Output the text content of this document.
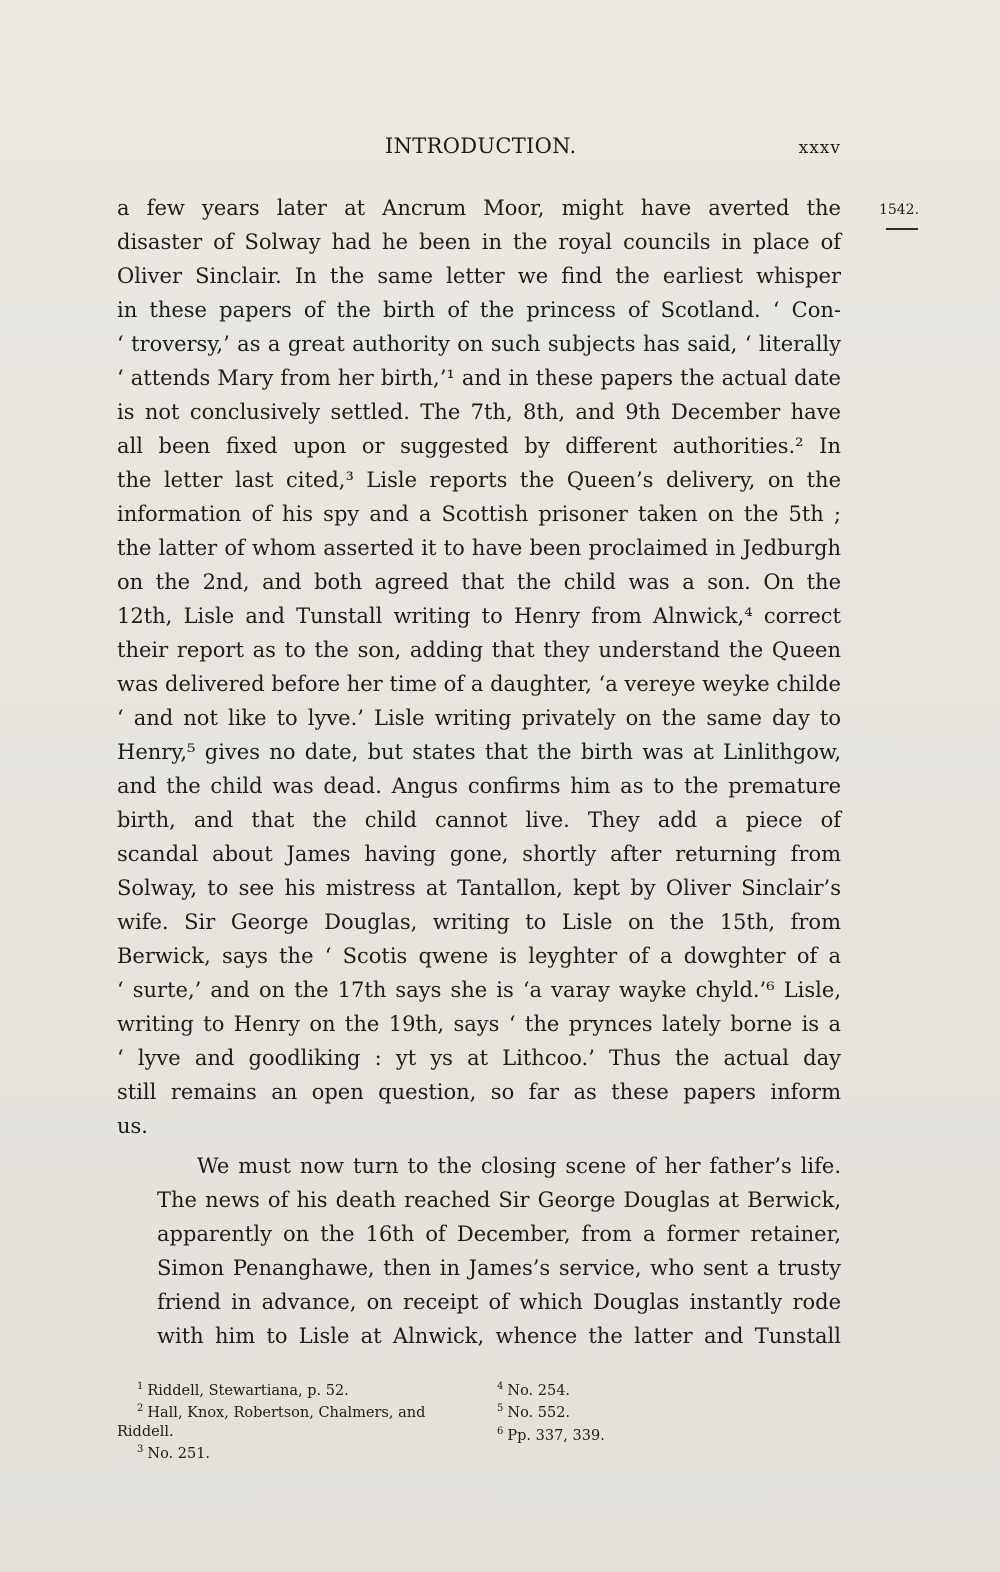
INTRODUCTION.	xxxv
1542.

a few years later at Ancrum Moor, might have averted the
disaster of Solway had he been in the royal councils in place of
Oliver Sinclair. In the same letter we find the earliest whisper
in these papers of the birth of the princess of Scotland. ‘ Con-
‘ troversy,’ as a great authority on such subjects has said, ‘ literally
‘ attends Mary from her birth,’¹ and in these papers the actual date
is not conclusively settled. The 7th, 8th, and 9th December have
all been fixed upon or suggested by different authorities.² In
the letter last cited,³ Lisle reports the Queen’s delivery, on the
information of his spy and a Scottish prisoner taken on the 5th ;
the latter of whom asserted it to have been proclaimed in Jedburgh
on the 2nd, and both agreed that the child was a son. On the
12th, Lisle and Tunstall writing to Henry from Alnwick,⁴ correct
their report as to the son, adding that they understand the Queen
was delivered before her time of a daughter, ‘a vereye weyke childe
‘ and not like to lyve.’ Lisle writing privately on the same day to
Henry,⁵ gives no date, but states that the birth was at Linlithgow,
and the child was dead. Angus confirms him as to the premature
birth, and that the child cannot live. They add a piece of
scandal about James having gone, shortly after returning from
Solway, to see his mistress at Tantallon, kept by Oliver Sinclair’s
wife. Sir George Douglas, writing to Lisle on the 15th, from
Berwick, says the ‘ Scotis qwene is leyghter of a dowghter of a
‘ surte,’ and on the 17th says she is ‘a varay wayke chyld.’⁶ Lisle,
writing to Henry on the 19th, says ‘ the prynces lately borne is a
‘ lyve and goodliking : yt ys at Lithcoo.’ Thus the actual day
still remains an open question, so far as these papers inform
us.

We must now turn to the closing scene of her father’s life.
The news of his death reached Sir George Douglas at Berwick,
apparently on the 16th of December, from a former retainer,
Simon Penanghawe, then in James’s service, who sent a trusty
friend in advance, on receipt of which Douglas instantly rode
with him to Lisle at Alnwick, whence the latter and Tunstall

$^1$ Riddell, Stewartiana, p. 52.

$^2$ Hall, Knox, Robertson, Chalmers, and
Riddell.

$^3$ No. 251.

$^4$ No. 254.

$^5$ No. 552.

$^6$ Pp. 337, 339.
